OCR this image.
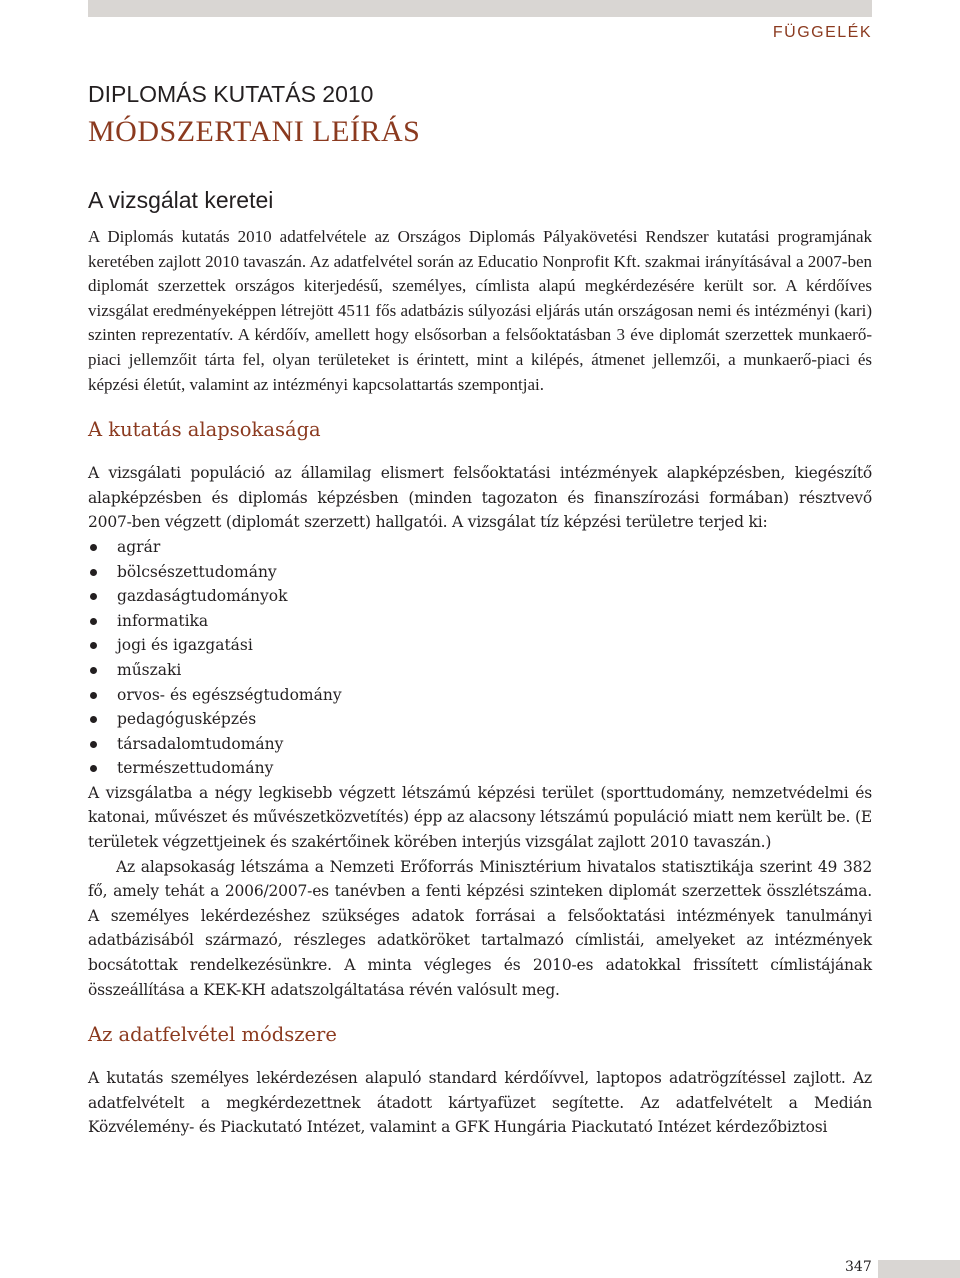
FÜGGELÉK
DIPLOMÁS KUTATÁS 2010
MÓDSZERTANI LEÍRÁS
A vizsgálat keretei

A Diplomás kutatás 2010 adatfelvétele az Országos Diplomás Pályakövetési Rendszer kutatási programjának keretében zajlott 2010 tavaszán. Az adatfelvétel során az Educatio Nonprofit Kft. szakmai irányításával a 2007-ben diplomát szerzettek országos kiterjedésű, személyes, címlista alapú megkérdezésére került sor. A kérdőíves vizsgálat eredményeképpen létrejött 4511 fős adatbázis súlyozási eljárás után országosan nemi és intézményi (kari) szinten reprezentatív. A kérdőív, amellett hogy elsősorban a felsőoktatásban 3 éve diplomát szerzettek munkaerő-piaci jellemzőit tárta fel, olyan területeket is érintett, mint a kilépés, átmenet jellemzői, a munkaerő-piaci és képzési életút, valamint az intézményi kapcsolattartás szempontjai.

A kutatás alapsokasága

A vizsgálati populáció az államilag elismert felsőoktatási intézmények alapképzésben, kiegészítő alapképzésben és diplomás képzésben (minden tagozaton és finanszírozási formában) résztvevő 2007-ben végzett (diplomát szerzett) hallgatói. A vizsgálat tíz képzési területre terjed ki:

agrár
bölcsészettudomány
gazdaságtudományok
informatika
jogi és igazgatási
műszaki
orvos- és egészségtudomány
pedagógusképzés
társadalomtudomány
természettudomány

A vizsgálatba a négy legkisebb végzett létszámú képzési terület (sporttudomány, nemzetvédelmi és katonai, művészet és művészetközvetítés) épp az alacsony létszámú populáció miatt nem került be. (E területek végzettjeinek és szakértőinek körében interjús vizsgálat zajlott 2010 tavaszán.)

Az alapsokaság létszáma a Nemzeti Erőforrás Minisztérium hivatalos statisztikája szerint 49 382 fő, amely tehát a 2006/2007-es tanévben a fenti képzési szinteken diplomát szerzettek összlétszáma. A személyes lekérdezéshez szükséges adatok forrásai a felsőoktatási intézmények tanulmányi adatbázisából származó, részleges adatköröket tartalmazó címlistái, amelyeket az intézmények bocsátottak rendelkezésünkre. A minta végleges és 2010-es adatokkal frissített címlistájának összeállítása a KEK-KH adatszolgáltatása révén valósult meg.

Az adatfelvétel módszere

A kutatás személyes lekérdezésen alapuló standard kérdőívvel, laptopos adatrögzítéssel zajlott. Az adatfelvételt a megkérdezettnek átadott kártyafüzet segítette. Az adatfelvételt a Medián Közvélemény- és Piackutató Intézet, valamint a GFK Hungária Piackutató Intézet kérdezőbiztosi

347
